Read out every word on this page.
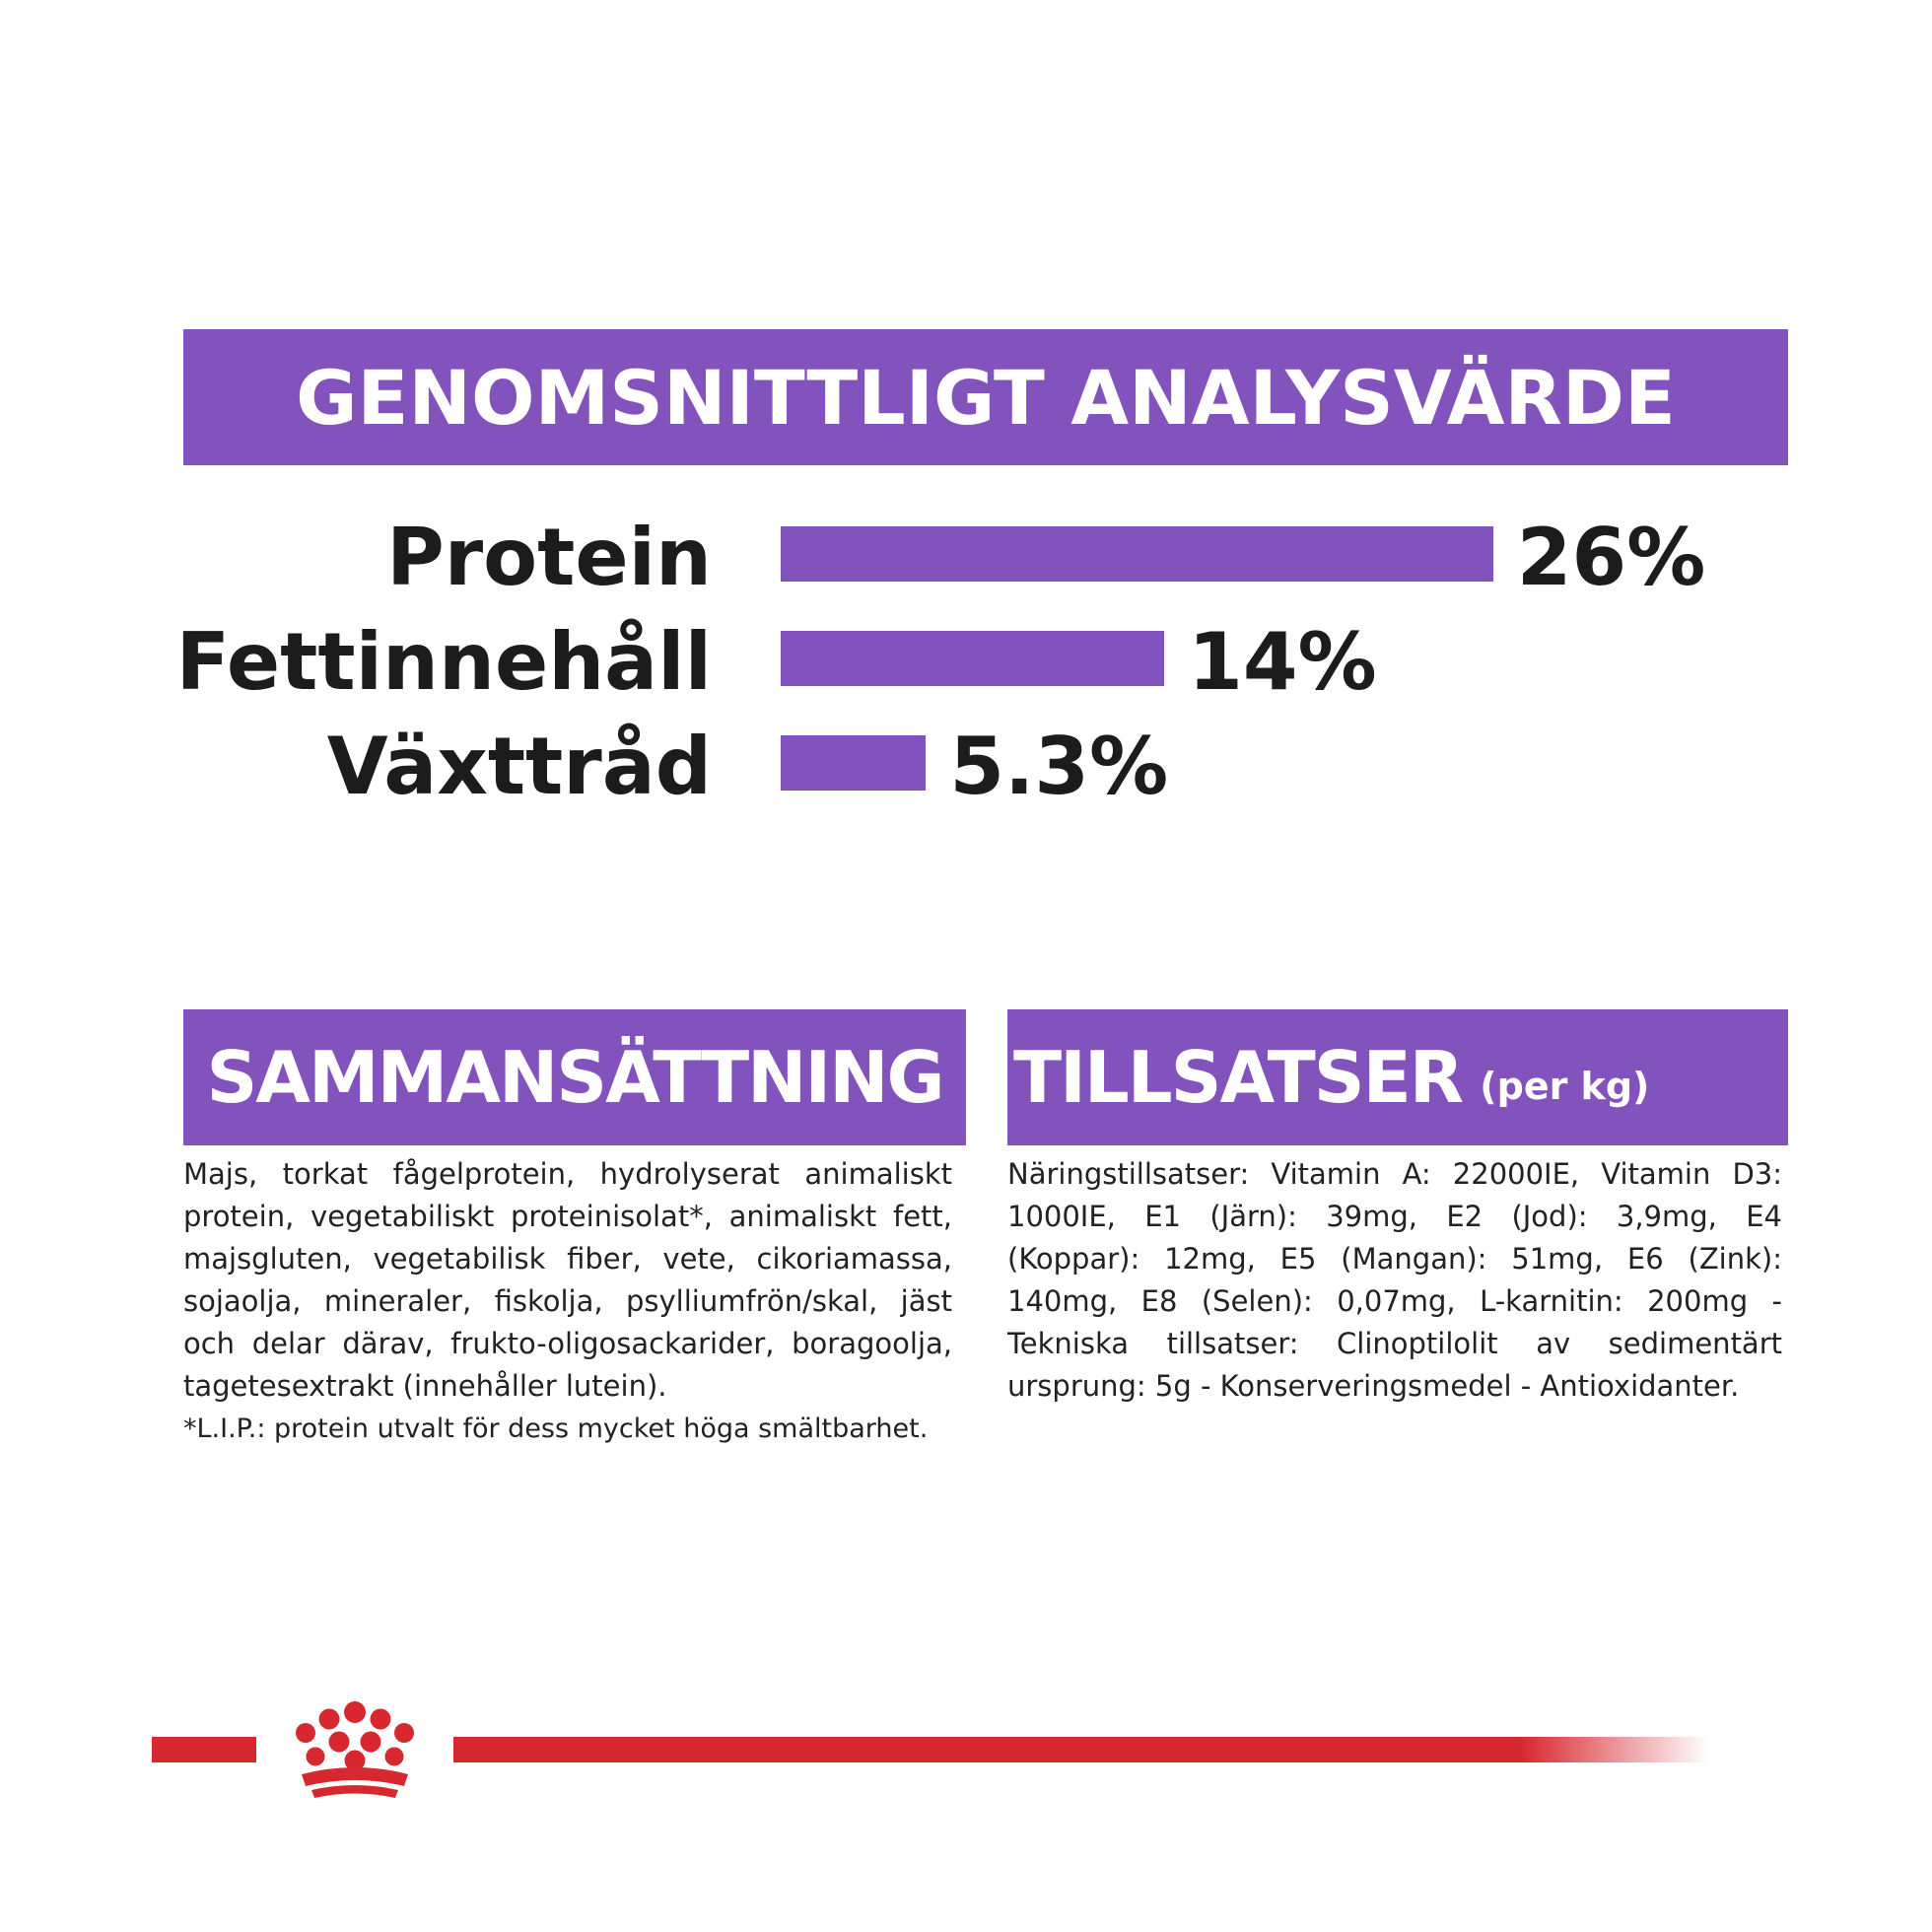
GENOMSNITTLIGT ANALYSVÄRDE
Protein	26%
Fettinnehåll	14%
Växttråd	5.3%
SAMMANSÄTTNING

Majs, torkat fågelprotein, hydrolyserat animaliskt protein, vegetabiliskt proteinisolat*, animaliskt fett, majsgluten, vegetabilisk fiber, vete, cikoriamassa, sojaolja, mineraler, fiskolja, psylliumfrön/skal, jäst och delar därav, frukto-oligosackarider, boragoolja, tagetesextrakt (innehåller lutein).

*L.I.P.: protein utvalt för dess mycket höga smältbarhet.

TILLSATSER (per kg)

Näringstillsatser: Vitamin A: 22000IE, Vitamin D3: 1000IE, E1 (Järn): 39mg, E2 (Jod): 3,9mg, E4 (Koppar): 12mg, E5 (Mangan): 51mg, E6 (Zink): 140mg, E8 (Selen): 0,07mg, L-karnitin: 200mg - Tekniska tillsatser: Clinoptilolit av sedimentärt ursprung: 5g - Konserveringsmedel - Antioxidanter.
